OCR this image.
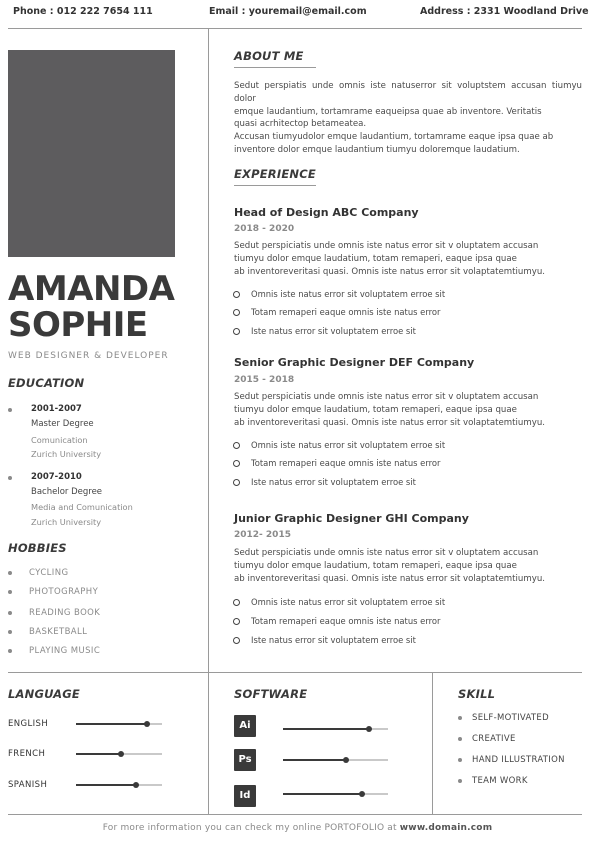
Phone : 012 222 7654 111	Email : youremail@email.com	Address : 2331 Woodland Drive
AMANDA
SOPHIE
WEB DESIGNER & DEVELOPER
EDUCATION
2001-2007
Master Degree
Comunication
Zurich University
2007-2010
Bachelor Degree
Media and Comunication
Zurich University
HOBBIES
CYCLING
PHOTOGRAPHY
READING BOOK
BASKETBALL
PLAYING MUSIC
ABOUT ME
Sedut perspiatis unde omnis iste natuserror sit voluptstem accusan tiumyu dolor
emque laudantium, tortamrame eaqueipsa quae ab inventore. Veritatis
quasi acrhitectop betameatea.
Accusan tiumyudolor emque laudantium, tortamrame eaque ipsa quae ab
inventore dolor emque laudantium tiumyu doloremque laudatium.
EXPERIENCE
Head of Design ABC Company
2018 - 2020
Sedut perspiciatis unde omnis iste natus error sit v oluptatem accusan
tiumyu dolor emque laudatium, totam remaperi, eaque ipsa quae
ab inventoreveritasi quasi. Omnis iste natus error sit volaptatemtiumyu.
Omnis iste natus error sit voluptatem erroe sit
Totam remaperi eaque omnis iste natus error
Iste natus error sit voluptatem erroe sit
Senior Graphic Designer DEF Company
2015 - 2018
Sedut perspiciatis unde omnis iste natus error sit v oluptatem accusan
tiumyu dolor emque laudatium, totam remaperi, eaque ipsa quae
ab inventoreveritasi quasi. Omnis iste natus error sit volaptatemtiumyu.
Omnis iste natus error sit voluptatem erroe sit
Totam remaperi eaque omnis iste natus error
Iste natus error sit voluptatem erroe sit
Junior Graphic Designer GHI Company
2012- 2015
Sedut perspiciatis unde omnis iste natus error sit v oluptatem accusan
tiumyu dolor emque laudatium, totam remaperi, eaque ipsa quae
ab inventoreveritasi quasi. Omnis iste natus error sit volaptatemtiumyu.
Omnis iste natus error sit voluptatem erroe sit
Totam remaperi eaque omnis iste natus error
Iste natus error sit voluptatem erroe sit
LANGUAGE
ENGLISH
FRENCH
SPANISH
SOFTWARE
Ai
Ps
Id
SKILL
SELF-MOTIVATED
CREATIVE
HAND ILLUSTRATION
TEAM WORK
For more information you can check my online PORTOFOLIO at www.domain.com
